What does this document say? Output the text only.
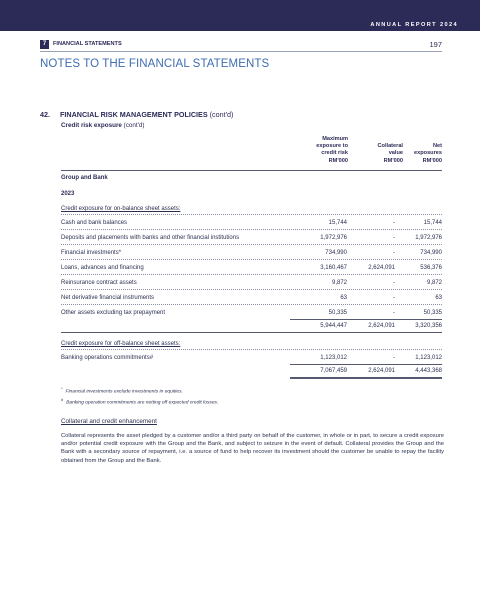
ANNUAL REPORT 2024
7	FINANCIAL STATEMENTS	197
NOTES TO THE FINANCIAL STATEMENTS
42. FINANCIAL RISK MANAGEMENT POLICIES (cont'd)
Credit risk exposure (cont'd)
Maximum
exposure to
credit risk
RM'000
Collateral
value
RM'000
Net
exposures
RM'000
Group and Bank
2023
Credit exposure for on-balance sheet assets:
Cash and bank balances	15,744	-	15,744
Deposits and placements with banks and other financial institutions	1,972,976	-	1,972,976
Financial investments*	734,990	-	734,990
Loans, advances and financing	3,160,467	2,624,091	536,376
Reinsurance contract assets	9,872	-	9,872
Net derivative financial instruments	63	-	63
Other assets excluding tax prepayment	50,335	-	50,335
5,944,447	2,624,091	3,320,356
Credit exposure for off-balance sheet assets:
Banking operations commitments#	1,123,012	-	1,123,012
7,067,459	2,624,091	4,443,368
*Financial investments exclude investments in equities.
#Banking operation commitments are netting off expected credit losses.
Collateral and credit enhancement
Collateral represents the asset pledged by a customer and/or a third party on behalf of the customer, in whole or in part, to secure a credit exposure and/or potential credit exposure with the Group and the Bank, and subject to seizure in the event of default. Collateral provides the Group and the Bank with a secondary source of repayment, i.e. a source of fund to help recover its investment should the customer be unable to repay the facility obtained from the Group and the Bank.
